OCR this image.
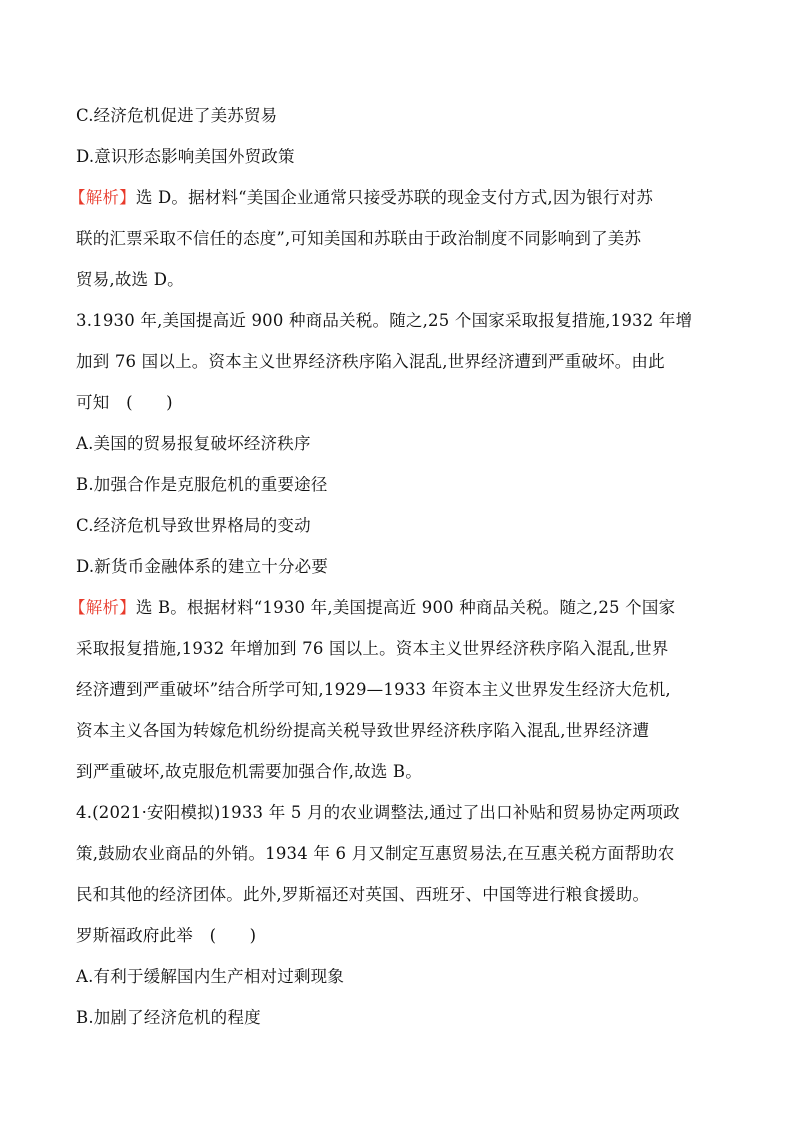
C.经济危机促进了美苏贸易
D.意识形态影响美国外贸政策
【解析】选 D。据材料“美国企业通常只接受苏联的现金支付方式,因为银行对苏
联的汇票采取不信任的态度”,可知美国和苏联由于政治制度不同影响到了美苏
贸易,故选 D。
3.1930 年,美国提高近 900 种商品关税。随之,25 个国家采取报复措施,1932 年增
加到 76 国以上。资本主义世界经济秩序陷入混乱,世界经济遭到严重破坏。由此
可知　(　　)
A.美国的贸易报复破坏经济秩序
B.加强合作是克服危机的重要途径
C.经济危机导致世界格局的变动
D.新货币金融体系的建立十分必要
【解析】选 B。根据材料“1930 年,美国提高近 900 种商品关税。随之,25 个国家
采取报复措施,1932 年增加到 76 国以上。资本主义世界经济秩序陷入混乱,世界
经济遭到严重破坏”结合所学可知,1929—1933 年资本主义世界发生经济大危机,
资本主义各国为转嫁危机纷纷提高关税导致世界经济秩序陷入混乱,世界经济遭
到严重破坏,故克服危机需要加强合作,故选 B。
4.(2021·安阳模拟)1933 年 5 月的农业调整法,通过了出口补贴和贸易协定两项政
策,鼓励农业商品的外销。1934 年 6 月又制定互惠贸易法,在互惠关税方面帮助农
民和其他的经济团体。此外,罗斯福还对英国、西班牙、中国等进行粮食援助。
罗斯福政府此举　(　　)
A.有利于缓解国内生产相对过剩现象
B.加剧了经济危机的程度
